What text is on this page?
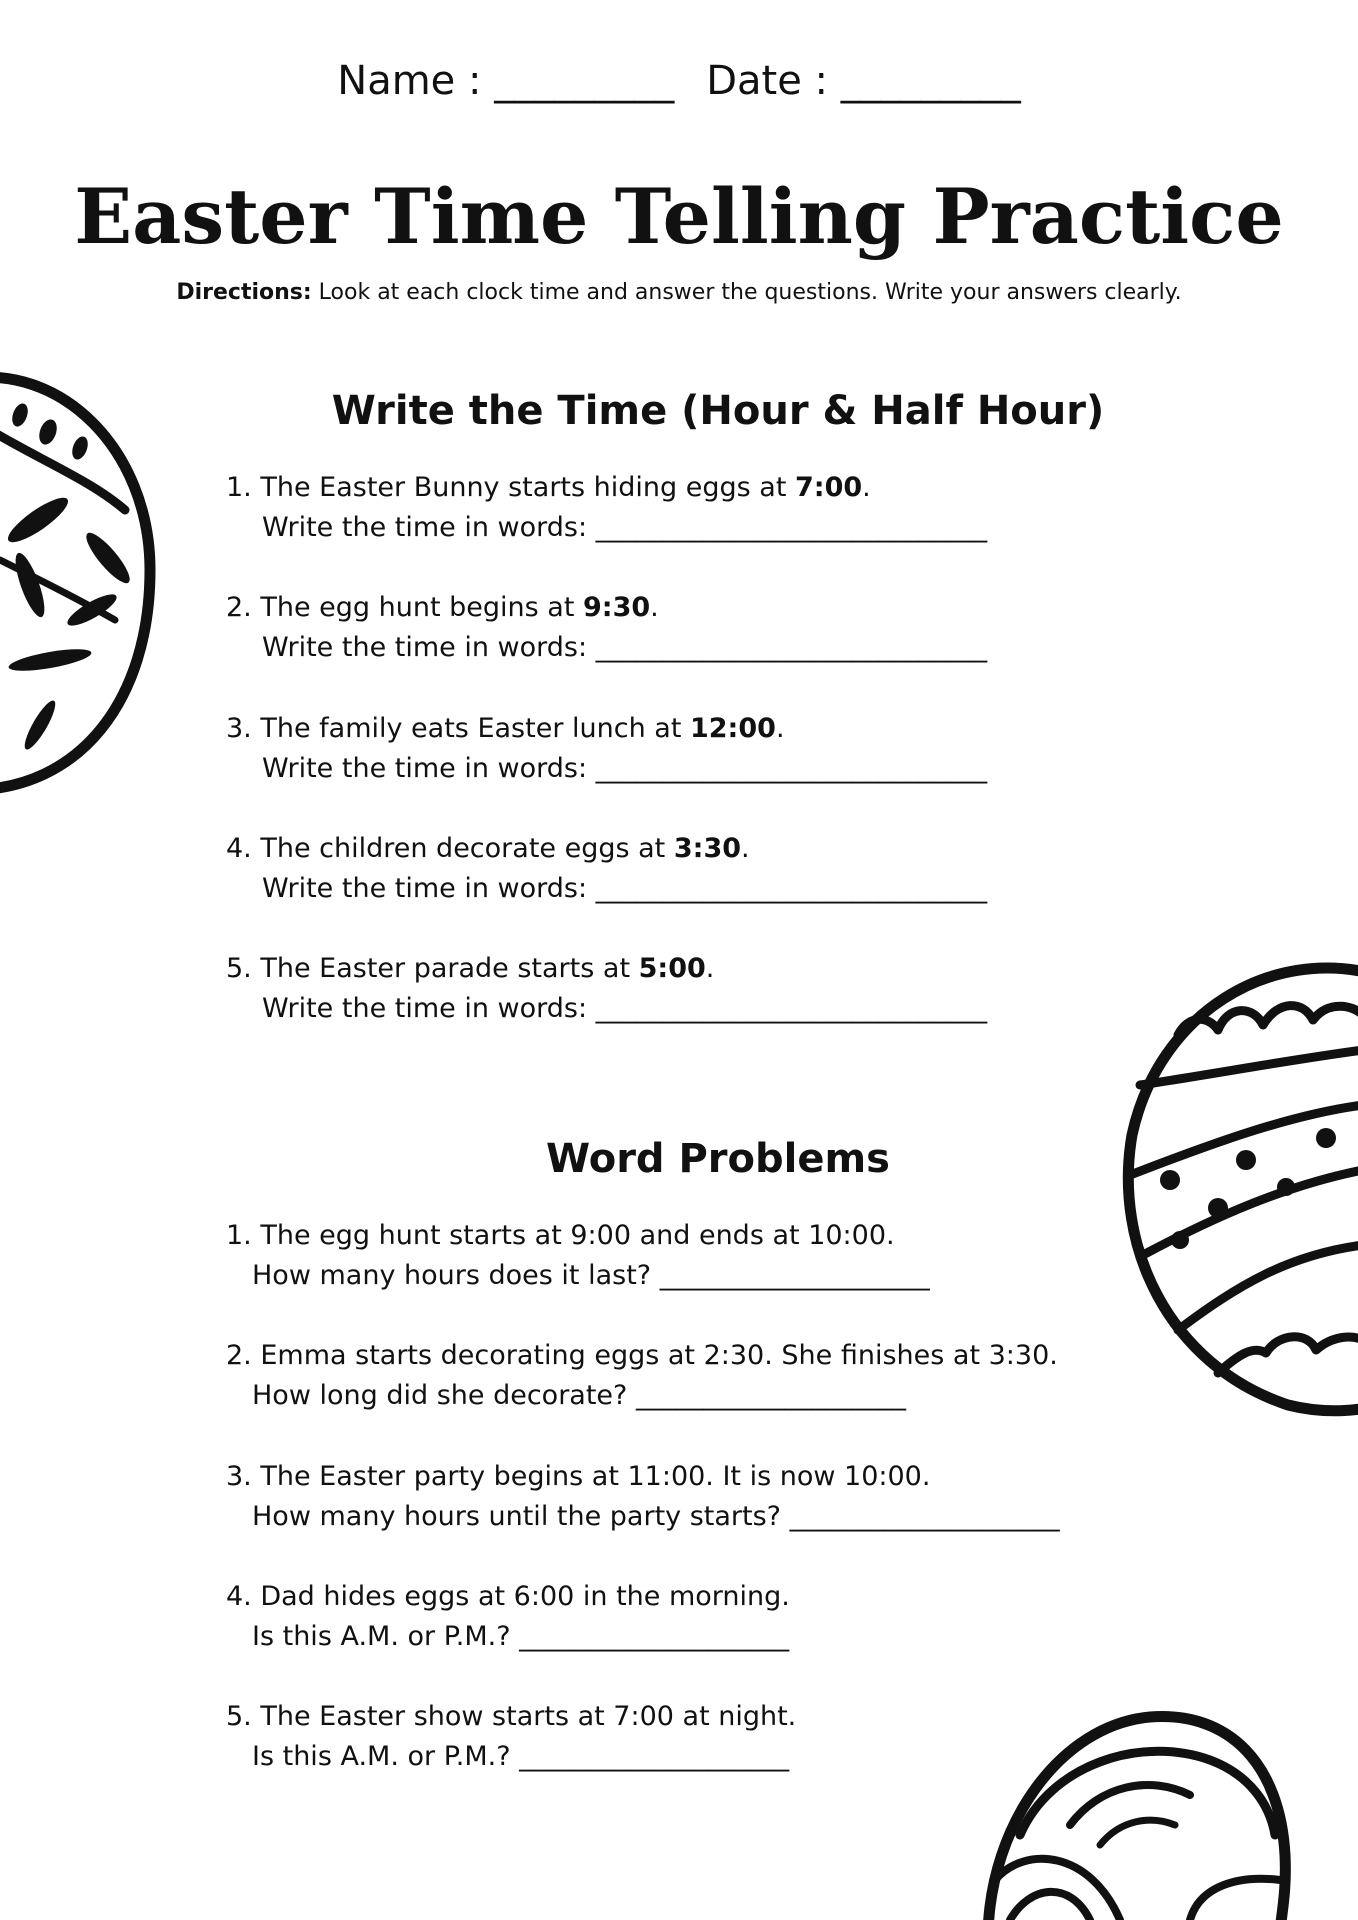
Name : _________ Date : _________
Easter Time Telling Practice
Directions: Look at each clock time and answer the questions. Write your answers clearly.
Write the Time (Hour & Half Hour)
1. The Easter Bunny starts hiding eggs at 7:00.
Write the time in words: _____________________________
2. The egg hunt begins at 9:30.
Write the time in words: _____________________________
3. The family eats Easter lunch at 12:00.
Write the time in words: _____________________________
4. The children decorate eggs at 3:30.
Write the time in words: _____________________________
5. The Easter parade starts at 5:00.
Write the time in words: _____________________________
Word Problems
1. The egg hunt starts at 9:00 and ends at 10:00.
How many hours does it last? ____________________
2. Emma starts decorating eggs at 2:30. She finishes at 3:30.
How long did she decorate? ____________________
3. The Easter party begins at 11:00. It is now 10:00.
How many hours until the party starts? ____________________
4. Dad hides eggs at 6:00 in the morning.
Is this A.M. or P.M.? ____________________
5. The Easter show starts at 7:00 at night.
Is this A.M. or P.M.? ____________________
